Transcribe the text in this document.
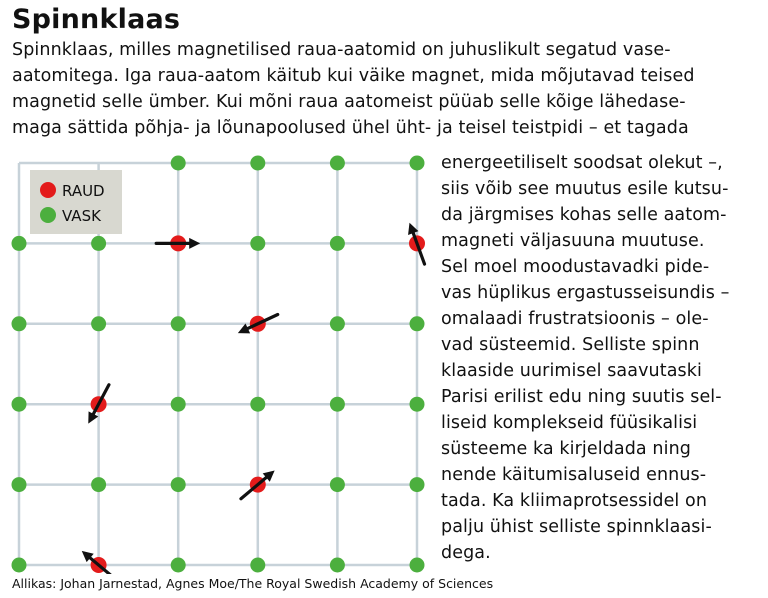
Spinnklaas
Spinnklaas, milles magnetilised raua-aatomid on juhuslikult segatud vase-
aatomitega. Iga raua-aatom käitub kui väike magnet, mida mõjutavad teised
magnetid selle ümber. Kui mõni raua aatomeist püüab selle kõige lähedase-
maga sättida põhja- ja lõunapoolused ühel üht- ja teisel teistpidi – et tagada
energeetiliselt soodsat olekut –,
siis võib see muutus esile kutsu-
da järgmises kohas selle aatom-
magneti väljasuuna muutuse.
Sel moel moodustavadki pide-
vas hüplikus ergastusseisundis –
omalaadi frustratsioonis – ole-
vad süsteemid. Selliste spinn
klaaside uurimisel saavutaski
Parisi erilist edu ning suutis sel-
liseid komplekseid füüsikalisi
süsteeme ka kirjeldada ning
nende käitumisaluseid ennus-
tada. Ka kliimaprotsessidel on
palju ühist selliste spinnklaasi-
dega.
RAUD
VASK
Allikas: Johan Jarnestad, Agnes Moe/The Royal Swedish Academy of Sciences
